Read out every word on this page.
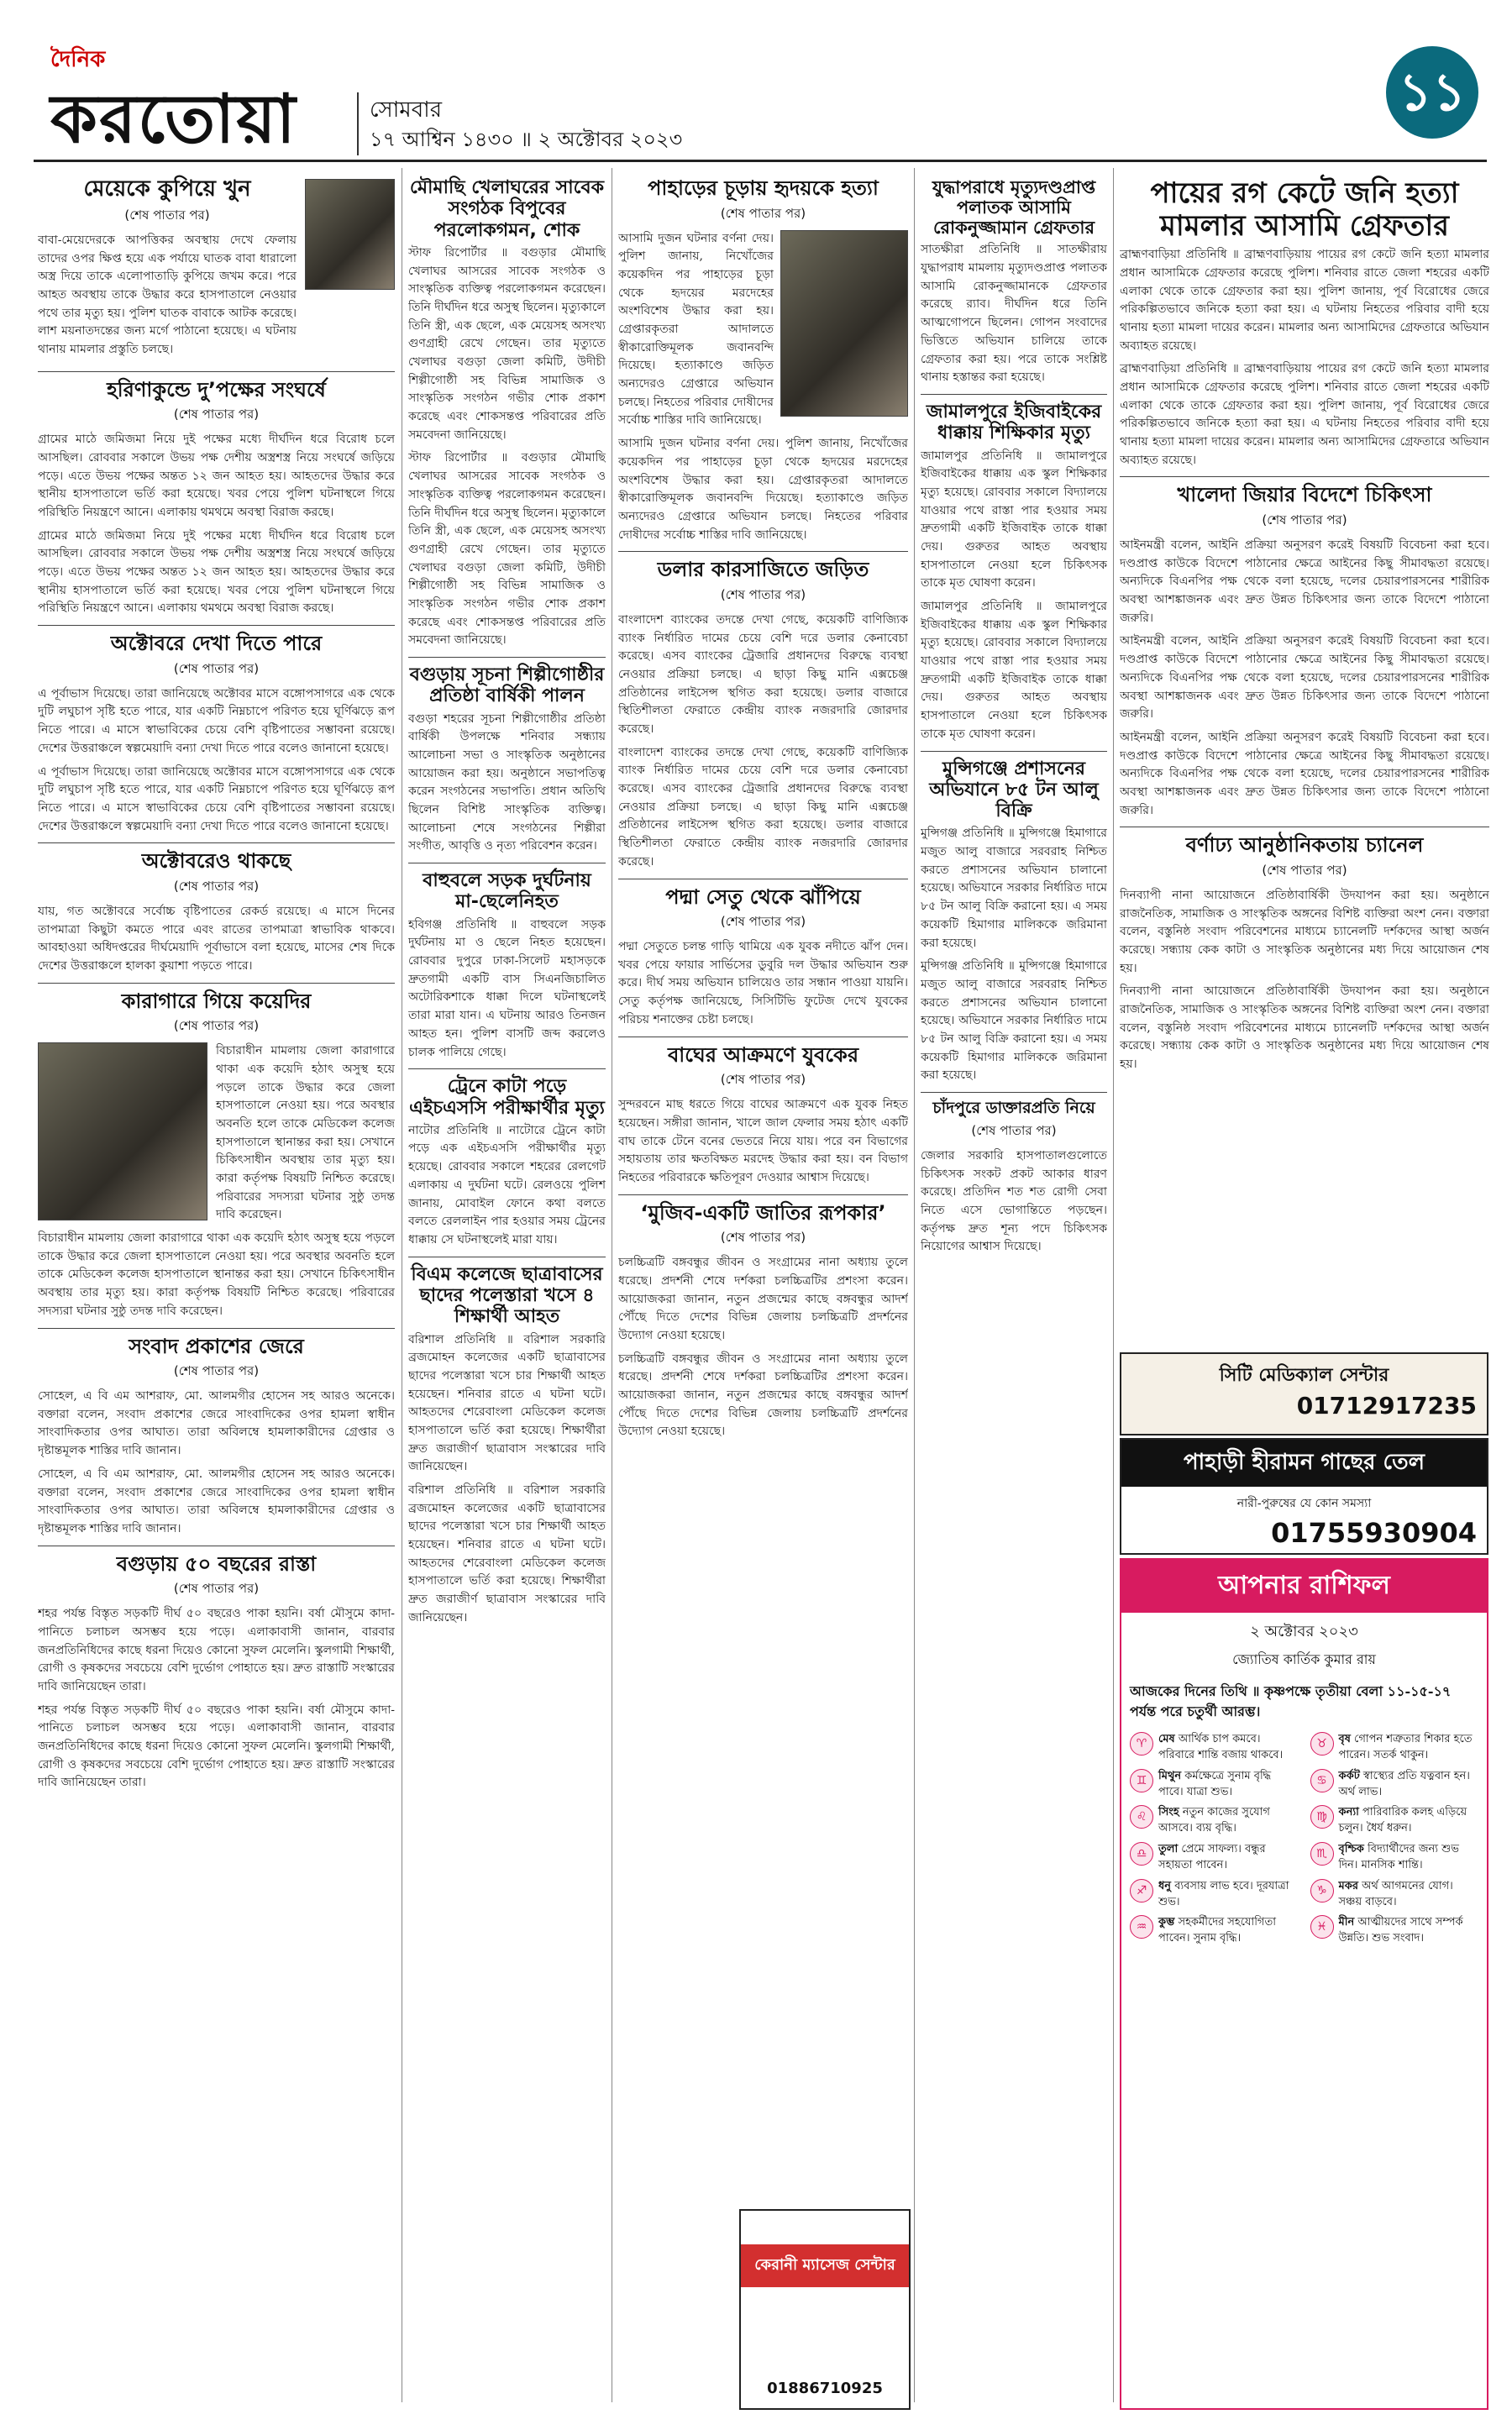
দৈনিক
করতোয়া	সোমবার
১৭ আশ্বিন ১৪৩০ ॥ ২ অক্টোবর ২০২৩
১১
মেয়েকে কুপিয়ে খুন
(শেষ পাতার পর)

বাবা-মেয়েদেরকে আপত্তিকর অবস্থায় দেখে ফেলায় তাদের ওপর ক্ষিপ্ত হয়ে এক পর্যায়ে ঘাতক বাবা ধারালো অস্ত্র দিয়ে তাকে এলোপাতাড়ি কুপিয়ে জখম করে। পরে আহত অবস্থায় তাকে উদ্ধার করে হাসপাতালে নেওয়ার পথে তার মৃত্যু হয়। পুলিশ ঘাতক বাবাকে আটক করেছে। লাশ ময়নাতদন্তের জন্য মর্গে পাঠানো হয়েছে। এ ঘটনায় থানায় মামলার প্রস্তুতি চলছে।

হরিণাকুন্ডে দু’পক্ষের সংঘর্ষে
(শেষ পাতার পর)

গ্রামের মাঠে জমিজমা নিয়ে দুই পক্ষের মধ্যে দীর্ঘদিন ধরে বিরোধ চলে আসছিল। রোববার সকালে উভয় পক্ষ দেশীয় অস্ত্রশস্ত্র নিয়ে সংঘর্ষে জড়িয়ে পড়ে। এতে উভয় পক্ষের অন্তত ১২ জন আহত হয়। আহতদের উদ্ধার করে স্থানীয় হাসপাতালে ভর্তি করা হয়েছে। খবর পেয়ে পুলিশ ঘটনাস্থলে গিয়ে পরিস্থিতি নিয়ন্ত্রণে আনে। এলাকায় থমথমে অবস্থা বিরাজ করছে।

গ্রামের মাঠে জমিজমা নিয়ে দুই পক্ষের মধ্যে দীর্ঘদিন ধরে বিরোধ চলে আসছিল। রোববার সকালে উভয় পক্ষ দেশীয় অস্ত্রশস্ত্র নিয়ে সংঘর্ষে জড়িয়ে পড়ে। এতে উভয় পক্ষের অন্তত ১২ জন আহত হয়। আহতদের উদ্ধার করে স্থানীয় হাসপাতালে ভর্তি করা হয়েছে। খবর পেয়ে পুলিশ ঘটনাস্থলে গিয়ে পরিস্থিতি নিয়ন্ত্রণে আনে। এলাকায় থমথমে অবস্থা বিরাজ করছে।

অক্টোবরে দেখা দিতে পারে
(শেষ পাতার পর)

এ পূর্বাভাস দিয়েছে। তারা জানিয়েছে অক্টোবর মাসে বঙ্গোপসাগরে এক থেকে দুটি লঘুচাপ সৃষ্টি হতে পারে, যার একটি নিম্নচাপে পরিণত হয়ে ঘূর্ণিঝড়ে রূপ নিতে পারে। এ মাসে স্বাভাবিকের চেয়ে বেশি বৃষ্টিপাতের সম্ভাবনা রয়েছে। দেশের উত্তরাঞ্চলে স্বল্পমেয়াদি বন্যা দেখা দিতে পারে বলেও জানানো হয়েছে।

এ পূর্বাভাস দিয়েছে। তারা জানিয়েছে অক্টোবর মাসে বঙ্গোপসাগরে এক থেকে দুটি লঘুচাপ সৃষ্টি হতে পারে, যার একটি নিম্নচাপে পরিণত হয়ে ঘূর্ণিঝড়ে রূপ নিতে পারে। এ মাসে স্বাভাবিকের চেয়ে বেশি বৃষ্টিপাতের সম্ভাবনা রয়েছে। দেশের উত্তরাঞ্চলে স্বল্পমেয়াদি বন্যা দেখা দিতে পারে বলেও জানানো হয়েছে।

অক্টোবরেও থাকছে
(শেষ পাতার পর)

যায়, গত অক্টোবরে সর্বোচ্চ বৃষ্টিপাতের রেকর্ড রয়েছে। এ মাসে দিনের তাপমাত্রা কিছুটা কমতে পারে এবং রাতের তাপমাত্রা স্বাভাবিক থাকবে। আবহাওয়া অধিদপ্তরের দীর্ঘমেয়াদি পূর্বাভাসে বলা হয়েছে, মাসের শেষ দিকে দেশের উত্তরাঞ্চলে হালকা কুয়াশা পড়তে পারে।

কারাগারে গিয়ে কয়েদির
(শেষ পাতার পর)

বিচারাধীন মামলায় জেলা কারাগারে থাকা এক কয়েদি হঠাৎ অসুস্থ হয়ে পড়লে তাকে উদ্ধার করে জেলা হাসপাতালে নেওয়া হয়। পরে অবস্থার অবনতি হলে তাকে মেডিকেল কলেজ হাসপাতালে স্থানান্তর করা হয়। সেখানে চিকিৎসাধীন অবস্থায় তার মৃত্যু হয়। কারা কর্তৃপক্ষ বিষয়টি নিশ্চিত করেছে। পরিবারের সদস্যরা ঘটনার সুষ্ঠু তদন্ত দাবি করেছেন।

বিচারাধীন মামলায় জেলা কারাগারে থাকা এক কয়েদি হঠাৎ অসুস্থ হয়ে পড়লে তাকে উদ্ধার করে জেলা হাসপাতালে নেওয়া হয়। পরে অবস্থার অবনতি হলে তাকে মেডিকেল কলেজ হাসপাতালে স্থানান্তর করা হয়। সেখানে চিকিৎসাধীন অবস্থায় তার মৃত্যু হয়। কারা কর্তৃপক্ষ বিষয়টি নিশ্চিত করেছে। পরিবারের সদস্যরা ঘটনার সুষ্ঠু তদন্ত দাবি করেছেন।

সংবাদ প্রকাশের জেরে
(শেষ পাতার পর)

সোহেল, এ বি এম আশরাফ, মো. আলমগীর হোসেন সহ আরও অনেকে। বক্তারা বলেন, সংবাদ প্রকাশের জেরে সাংবাদিকের ওপর হামলা স্বাধীন সাংবাদিকতার ওপর আঘাত। তারা অবিলম্বে হামলাকারীদের গ্রেপ্তার ও দৃষ্টান্তমূলক শাস্তির দাবি জানান।

সোহেল, এ বি এম আশরাফ, মো. আলমগীর হোসেন সহ আরও অনেকে। বক্তারা বলেন, সংবাদ প্রকাশের জেরে সাংবাদিকের ওপর হামলা স্বাধীন সাংবাদিকতার ওপর আঘাত। তারা অবিলম্বে হামলাকারীদের গ্রেপ্তার ও দৃষ্টান্তমূলক শাস্তির দাবি জানান।

বগুড়ায় ৫০ বছরের রাস্তা
(শেষ পাতার পর)

শহর পর্যন্ত বিস্তৃত সড়কটি দীর্ঘ ৫০ বছরেও পাকা হয়নি। বর্ষা মৌসুমে কাদা-পানিতে চলাচল অসম্ভব হয়ে পড়ে। এলাকাবাসী জানান, বারবার জনপ্রতিনিধিদের কাছে ধরনা দিয়েও কোনো সুফল মেলেনি। স্কুলগামী শিক্ষার্থী, রোগী ও কৃষকদের সবচেয়ে বেশি দুর্ভোগ পোহাতে হয়। দ্রুত রাস্তাটি সংস্কারের দাবি জানিয়েছেন তারা।

শহর পর্যন্ত বিস্তৃত সড়কটি দীর্ঘ ৫০ বছরেও পাকা হয়নি। বর্ষা মৌসুমে কাদা-পানিতে চলাচল অসম্ভব হয়ে পড়ে। এলাকাবাসী জানান, বারবার জনপ্রতিনিধিদের কাছে ধরনা দিয়েও কোনো সুফল মেলেনি। স্কুলগামী শিক্ষার্থী, রোগী ও কৃষকদের সবচেয়ে বেশি দুর্ভোগ পোহাতে হয়। দ্রুত রাস্তাটি সংস্কারের দাবি জানিয়েছেন তারা।

মৌমাছি খেলাঘরের সাবেক সংগঠক বিপুবের পরলোকগমন, শোক

স্টাফ রিপোর্টার ॥ বগুড়ার মৌমাছি খেলাঘর আসরের সাবেক সংগঠক ও সাংস্কৃতিক ব্যক্তিত্ব পরলোকগমন করেছেন। তিনি দীর্ঘদিন ধরে অসুস্থ ছিলেন। মৃত্যুকালে তিনি স্ত্রী, এক ছেলে, এক মেয়েসহ অসংখ্য গুণগ্রাহী রেখে গেছেন। তার মৃত্যুতে খেলাঘর বগুড়া জেলা কমিটি, উদীচী শিল্পীগোষ্ঠী সহ বিভিন্ন সামাজিক ও সাংস্কৃতিক সংগঠন গভীর শোক প্রকাশ করেছে এবং শোকসন্তপ্ত পরিবারের প্রতি সমবেদনা জানিয়েছে।

স্টাফ রিপোর্টার ॥ বগুড়ার মৌমাছি খেলাঘর আসরের সাবেক সংগঠক ও সাংস্কৃতিক ব্যক্তিত্ব পরলোকগমন করেছেন। তিনি দীর্ঘদিন ধরে অসুস্থ ছিলেন। মৃত্যুকালে তিনি স্ত্রী, এক ছেলে, এক মেয়েসহ অসংখ্য গুণগ্রাহী রেখে গেছেন। তার মৃত্যুতে খেলাঘর বগুড়া জেলা কমিটি, উদীচী শিল্পীগোষ্ঠী সহ বিভিন্ন সামাজিক ও সাংস্কৃতিক সংগঠন গভীর শোক প্রকাশ করেছে এবং শোকসন্তপ্ত পরিবারের প্রতি সমবেদনা জানিয়েছে।

বগুড়ায় সূচনা শিল্পীগোষ্ঠীর প্রতিষ্ঠা বার্ষিকী পালন

বগুড়া শহরের সূচনা শিল্পীগোষ্ঠীর প্রতিষ্ঠা বার্ষিকী উপলক্ষে শনিবার সন্ধ্যায় আলোচনা সভা ও সাংস্কৃতিক অনুষ্ঠানের আয়োজন করা হয়। অনুষ্ঠানে সভাপতিত্ব করেন সংগঠনের সভাপতি। প্রধান অতিথি ছিলেন বিশিষ্ট সাংস্কৃতিক ব্যক্তিত্ব। আলোচনা শেষে সংগঠনের শিল্পীরা সংগীত, আবৃত্তি ও নৃত্য পরিবেশন করেন।

বাহুবলে সড়ক দুর্ঘটনায় মা-ছেলেনিহত

হবিগঞ্জ প্রতিনিধি ॥ বাহুবলে সড়ক দুর্ঘটনায় মা ও ছেলে নিহত হয়েছেন। রোববার দুপুরে ঢাকা-সিলেট মহাসড়কে দ্রুতগামী একটি বাস সিএনজিচালিত অটোরিকশাকে ধাক্কা দিলে ঘটনাস্থলেই তারা মারা যান। এ ঘটনায় আরও তিনজন আহত হন। পুলিশ বাসটি জব্দ করলেও চালক পালিয়ে গেছে।

ট্রেনে কাটা পড়ে এইচএসসি পরীক্ষার্থীর মৃত্যু

নাটোর প্রতিনিধি ॥ নাটোরে ট্রেনে কাটা পড়ে এক এইচএসসি পরীক্ষার্থীর মৃত্যু হয়েছে। রোববার সকালে শহরের রেলগেট এলাকায় এ দুর্ঘটনা ঘটে। রেলওয়ে পুলিশ জানায়, মোবাইল ফোনে কথা বলতে বলতে রেললাইন পার হওয়ার সময় ট্রেনের ধাক্কায় সে ঘটনাস্থলেই মারা যায়।

বিএম কলেজে ছাত্রাবাসের ছাদের পলেস্তারা খসে ৪ শিক্ষার্থী আহত

বরিশাল প্রতিনিধি ॥ বরিশাল সরকারি ব্রজমোহন কলেজের একটি ছাত্রাবাসের ছাদের পলেস্তারা খসে চার শিক্ষার্থী আহত হয়েছেন। শনিবার রাতে এ ঘটনা ঘটে। আহতদের শেরেবাংলা মেডিকেল কলেজ হাসপাতালে ভর্তি করা হয়েছে। শিক্ষার্থীরা দ্রুত জরাজীর্ণ ছাত্রাবাস সংস্কারের দাবি জানিয়েছেন।

বরিশাল প্রতিনিধি ॥ বরিশাল সরকারি ব্রজমোহন কলেজের একটি ছাত্রাবাসের ছাদের পলেস্তারা খসে চার শিক্ষার্থী আহত হয়েছেন। শনিবার রাতে এ ঘটনা ঘটে। আহতদের শেরেবাংলা মেডিকেল কলেজ হাসপাতালে ভর্তি করা হয়েছে। শিক্ষার্থীরা দ্রুত জরাজীর্ণ ছাত্রাবাস সংস্কারের দাবি জানিয়েছেন।

পাহাড়ের চূড়ায় হৃদয়কে হত্যা
(শেষ পাতার পর)

আসামি দুজন ঘটনার বর্ণনা দেয়। পুলিশ জানায়, নিখোঁজের কয়েকদিন পর পাহাড়ের চূড়া থেকে হৃদয়ের মরদেহের অংশবিশেষ উদ্ধার করা হয়। গ্রেপ্তারকৃতরা আদালতে স্বীকারোক্তিমূলক জবানবন্দি দিয়েছে। হত্যাকাণ্ডে জড়িত অন্যদেরও গ্রেপ্তারে অভিযান চলছে। নিহতের পরিবার দোষীদের সর্বোচ্চ শাস্তির দাবি জানিয়েছে।

আসামি দুজন ঘটনার বর্ণনা দেয়। পুলিশ জানায়, নিখোঁজের কয়েকদিন পর পাহাড়ের চূড়া থেকে হৃদয়ের মরদেহের অংশবিশেষ উদ্ধার করা হয়। গ্রেপ্তারকৃতরা আদালতে স্বীকারোক্তিমূলক জবানবন্দি দিয়েছে। হত্যাকাণ্ডে জড়িত অন্যদেরও গ্রেপ্তারে অভিযান চলছে। নিহতের পরিবার দোষীদের সর্বোচ্চ শাস্তির দাবি জানিয়েছে।

ডলার কারসাজিতে জড়িত
(শেষ পাতার পর)

বাংলাদেশ ব্যাংকের তদন্তে দেখা গেছে, কয়েকটি বাণিজ্যিক ব্যাংক নির্ধারিত দামের চেয়ে বেশি দরে ডলার কেনাবেচা করেছে। এসব ব্যাংকের ট্রেজারি প্রধানদের বিরুদ্ধে ব্যবস্থা নেওয়ার প্রক্রিয়া চলছে। এ ছাড়া কিছু মানি এক্সচেঞ্জ প্রতিষ্ঠানের লাইসেন্স স্থগিত করা হয়েছে। ডলার বাজারে স্থিতিশীলতা ফেরাতে কেন্দ্রীয় ব্যাংক নজরদারি জোরদার করেছে।

বাংলাদেশ ব্যাংকের তদন্তে দেখা গেছে, কয়েকটি বাণিজ্যিক ব্যাংক নির্ধারিত দামের চেয়ে বেশি দরে ডলার কেনাবেচা করেছে। এসব ব্যাংকের ট্রেজারি প্রধানদের বিরুদ্ধে ব্যবস্থা নেওয়ার প্রক্রিয়া চলছে। এ ছাড়া কিছু মানি এক্সচেঞ্জ প্রতিষ্ঠানের লাইসেন্স স্থগিত করা হয়েছে। ডলার বাজারে স্থিতিশীলতা ফেরাতে কেন্দ্রীয় ব্যাংক নজরদারি জোরদার করেছে।

পদ্মা সেতু থেকে ঝাঁপিয়ে
(শেষ পাতার পর)

পদ্মা সেতুতে চলন্ত গাড়ি থামিয়ে এক যুবক নদীতে ঝাঁপ দেন। খবর পেয়ে ফায়ার সার্ভিসের ডুবুরি দল উদ্ধার অভিযান শুরু করে। দীর্ঘ সময় অভিযান চালিয়েও তার সন্ধান পাওয়া যায়নি। সেতু কর্তৃপক্ষ জানিয়েছে, সিসিটিভি ফুটেজ দেখে যুবকের পরিচয় শনাক্তের চেষ্টা চলছে।

বাঘের আক্রমণে যুবকের
(শেষ পাতার পর)

সুন্দরবনে মাছ ধরতে গিয়ে বাঘের আক্রমণে এক যুবক নিহত হয়েছেন। সঙ্গীরা জানান, খালে জাল ফেলার সময় হঠাৎ একটি বাঘ তাকে টেনে বনের ভেতরে নিয়ে যায়। পরে বন বিভাগের সহায়তায় তার ক্ষতবিক্ষত মরদেহ উদ্ধার করা হয়। বন বিভাগ নিহতের পরিবারকে ক্ষতিপূরণ দেওয়ার আশ্বাস দিয়েছে।

‘মুজিব-একটি জাতির রূপকার’
(শেষ পাতার পর)

চলচ্চিত্রটি বঙ্গবন্ধুর জীবন ও সংগ্রামের নানা অধ্যায় তুলে ধরেছে। প্রদর্শনী শেষে দর্শকরা চলচ্চিত্রটির প্রশংসা করেন। আয়োজকরা জানান, নতুন প্রজন্মের কাছে বঙ্গবন্ধুর আদর্শ পৌঁছে দিতে দেশের বিভিন্ন জেলায় চলচ্চিত্রটি প্রদর্শনের উদ্যোগ নেওয়া হয়েছে।

চলচ্চিত্রটি বঙ্গবন্ধুর জীবন ও সংগ্রামের নানা অধ্যায় তুলে ধরেছে। প্রদর্শনী শেষে দর্শকরা চলচ্চিত্রটির প্রশংসা করেন। আয়োজকরা জানান, নতুন প্রজন্মের কাছে বঙ্গবন্ধুর আদর্শ পৌঁছে দিতে দেশের বিভিন্ন জেলায় চলচ্চিত্রটি প্রদর্শনের উদ্যোগ নেওয়া হয়েছে।

যুদ্ধাপরাধে মৃত্যুদণ্ডপ্রাপ্ত পলাতক আসামি রোকনুজ্জামান গ্রেফতার

সাতক্ষীরা প্রতিনিধি ॥ সাতক্ষীরায় যুদ্ধাপরাধ মামলায় মৃত্যুদণ্ডপ্রাপ্ত পলাতক আসামি রোকনুজ্জামানকে গ্রেফতার করেছে র‌্যাব। দীর্ঘদিন ধরে তিনি আত্মগোপনে ছিলেন। গোপন সংবাদের ভিত্তিতে অভিযান চালিয়ে তাকে গ্রেফতার করা হয়। পরে তাকে সংশ্লিষ্ট থানায় হস্তান্তর করা হয়েছে।

জামালপুরে ইজিবাইকের ধাক্কায় শিক্ষিকার মৃত্যু

জামালপুর প্রতিনিধি ॥ জামালপুরে ইজিবাইকের ধাক্কায় এক স্কুল শিক্ষিকার মৃত্যু হয়েছে। রোববার সকালে বিদ্যালয়ে যাওয়ার পথে রাস্তা পার হওয়ার সময় দ্রুতগামী একটি ইজিবাইক তাকে ধাক্কা দেয়। গুরুতর আহত অবস্থায় হাসপাতালে নেওয়া হলে চিকিৎসক তাকে মৃত ঘোষণা করেন।

জামালপুর প্রতিনিধি ॥ জামালপুরে ইজিবাইকের ধাক্কায় এক স্কুল শিক্ষিকার মৃত্যু হয়েছে। রোববার সকালে বিদ্যালয়ে যাওয়ার পথে রাস্তা পার হওয়ার সময় দ্রুতগামী একটি ইজিবাইক তাকে ধাক্কা দেয়। গুরুতর আহত অবস্থায় হাসপাতালে নেওয়া হলে চিকিৎসক তাকে মৃত ঘোষণা করেন।

মুন্সিগঞ্জে প্রশাসনের অভিযানে ৮৫ টন আলু বিক্রি

মুন্সিগঞ্জ প্রতিনিধি ॥ মুন্সিগঞ্জে হিমাগারে মজুত আলু বাজারে সরবরাহ নিশ্চিত করতে প্রশাসনের অভিযান চালানো হয়েছে। অভিযানে সরকার নির্ধারিত দামে ৮৫ টন আলু বিক্রি করানো হয়। এ সময় কয়েকটি হিমাগার মালিককে জরিমানা করা হয়েছে।

মুন্সিগঞ্জ প্রতিনিধি ॥ মুন্সিগঞ্জে হিমাগারে মজুত আলু বাজারে সরবরাহ নিশ্চিত করতে প্রশাসনের অভিযান চালানো হয়েছে। অভিযানে সরকার নির্ধারিত দামে ৮৫ টন আলু বিক্রি করানো হয়। এ সময় কয়েকটি হিমাগার মালিককে জরিমানা করা হয়েছে।

চাঁদপুরে ডাক্তারপ্রতি নিয়ে
(শেষ পাতার পর)

জেলার সরকারি হাসপাতালগুলোতে চিকিৎসক সংকট প্রকট আকার ধারণ করেছে। প্রতিদিন শত শত রোগী সেবা নিতে এসে ভোগান্তিতে পড়ছেন। কর্তৃপক্ষ দ্রুত শূন্য পদে চিকিৎসক নিয়োগের আশ্বাস দিয়েছে।

পায়ের রগ কেটে জনি হত্যা মামলার আসামি গ্রেফতার

ব্রাহ্মণবাড়িয়া প্রতিনিধি ॥ ব্রাহ্মণবাড়িয়ায় পায়ের রগ কেটে জনি হত্যা মামলার প্রধান আসামিকে গ্রেফতার করেছে পুলিশ। শনিবার রাতে জেলা শহরের একটি এলাকা থেকে তাকে গ্রেফতার করা হয়। পুলিশ জানায়, পূর্ব বিরোধের জেরে পরিকল্পিতভাবে জনিকে হত্যা করা হয়। এ ঘটনায় নিহতের পরিবার বাদী হয়ে থানায় হত্যা মামলা দায়ের করেন। মামলার অন্য আসামিদের গ্রেফতারে অভিযান অব্যাহত রয়েছে।

ব্রাহ্মণবাড়িয়া প্রতিনিধি ॥ ব্রাহ্মণবাড়িয়ায় পায়ের রগ কেটে জনি হত্যা মামলার প্রধান আসামিকে গ্রেফতার করেছে পুলিশ। শনিবার রাতে জেলা শহরের একটি এলাকা থেকে তাকে গ্রেফতার করা হয়। পুলিশ জানায়, পূর্ব বিরোধের জেরে পরিকল্পিতভাবে জনিকে হত্যা করা হয়। এ ঘটনায় নিহতের পরিবার বাদী হয়ে থানায় হত্যা মামলা দায়ের করেন। মামলার অন্য আসামিদের গ্রেফতারে অভিযান অব্যাহত রয়েছে।

খালেদা জিয়ার বিদেশে চিকিৎসা
(শেষ পাতার পর)

আইনমন্ত্রী বলেন, আইনি প্রক্রিয়া অনুসরণ করেই বিষয়টি বিবেচনা করা হবে। দণ্ডপ্রাপ্ত কাউকে বিদেশে পাঠানোর ক্ষেত্রে আইনের কিছু সীমাবদ্ধতা রয়েছে। অন্যদিকে বিএনপির পক্ষ থেকে বলা হয়েছে, দলের চেয়ারপারসনের শারীরিক অবস্থা আশঙ্কাজনক এবং দ্রুত উন্নত চিকিৎসার জন্য তাকে বিদেশে পাঠানো জরুরি।

আইনমন্ত্রী বলেন, আইনি প্রক্রিয়া অনুসরণ করেই বিষয়টি বিবেচনা করা হবে। দণ্ডপ্রাপ্ত কাউকে বিদেশে পাঠানোর ক্ষেত্রে আইনের কিছু সীমাবদ্ধতা রয়েছে। অন্যদিকে বিএনপির পক্ষ থেকে বলা হয়েছে, দলের চেয়ারপারসনের শারীরিক অবস্থা আশঙ্কাজনক এবং দ্রুত উন্নত চিকিৎসার জন্য তাকে বিদেশে পাঠানো জরুরি।

আইনমন্ত্রী বলেন, আইনি প্রক্রিয়া অনুসরণ করেই বিষয়টি বিবেচনা করা হবে। দণ্ডপ্রাপ্ত কাউকে বিদেশে পাঠানোর ক্ষেত্রে আইনের কিছু সীমাবদ্ধতা রয়েছে। অন্যদিকে বিএনপির পক্ষ থেকে বলা হয়েছে, দলের চেয়ারপারসনের শারীরিক অবস্থা আশঙ্কাজনক এবং দ্রুত উন্নত চিকিৎসার জন্য তাকে বিদেশে পাঠানো জরুরি।

বর্ণাঢ্য আনুষ্ঠানিকতায় চ্যানেল
(শেষ পাতার পর)

দিনব্যাপী নানা আয়োজনে প্রতিষ্ঠাবার্ষিকী উদযাপন করা হয়। অনুষ্ঠানে রাজনৈতিক, সামাজিক ও সাংস্কৃতিক অঙ্গনের বিশিষ্ট ব্যক্তিরা অংশ নেন। বক্তারা বলেন, বস্তুনিষ্ঠ সংবাদ পরিবেশনের মাধ্যমে চ্যানেলটি দর্শকদের আস্থা অর্জন করেছে। সন্ধ্যায় কেক কাটা ও সাংস্কৃতিক অনুষ্ঠানের মধ্য দিয়ে আয়োজন শেষ হয়।

দিনব্যাপী নানা আয়োজনে প্রতিষ্ঠাবার্ষিকী উদযাপন করা হয়। অনুষ্ঠানে রাজনৈতিক, সামাজিক ও সাংস্কৃতিক অঙ্গনের বিশিষ্ট ব্যক্তিরা অংশ নেন। বক্তারা বলেন, বস্তুনিষ্ঠ সংবাদ পরিবেশনের মাধ্যমে চ্যানেলটি দর্শকদের আস্থা অর্জন করেছে। সন্ধ্যায় কেক কাটা ও সাংস্কৃতিক অনুষ্ঠানের মধ্য দিয়ে আয়োজন শেষ হয়।

সিটি মেডিক্যাল সেন্টার
01712917235
পাহাড়ী হীরামন গাছের তেল
নারী-পুরুষের যে কোন সমস্যা
01755930904
কেরানী ম্যাসেজ সেন্টার
01886710925
আপনার রাশিফল
২ অক্টোবর ২০২৩
জ্যোতিষ কার্তিক কুমার রায়
আজকের দিনের তিথি ॥ কৃষ্ণপক্ষে তৃতীয়া বেলা ১১-১৫-১৭ পর্যন্ত পরে চতুর্থী আরম্ভ।
♈	মেষ আর্থিক চাপ কমবে। পরিবারে শান্তি বজায় থাকবে।
♉	বৃষ গোপন শত্রুতার শিকার হতে পারেন। সতর্ক থাকুন।
♊	মিথুন কর্মক্ষেত্রে সুনাম বৃদ্ধি পাবে। যাত্রা শুভ।
♋	কর্কট স্বাস্থ্যের প্রতি যত্নবান হন। অর্থ লাভ।
♌	সিংহ নতুন কাজের সুযোগ আসবে। ব্যয় বৃদ্ধি।
♍	কন্যা পারিবারিক কলহ এড়িয়ে চলুন। ধৈর্য ধরুন।
♎	তুলা প্রেমে সাফল্য। বন্ধুর সহায়তা পাবেন।
♏	বৃশ্চিক বিদ্যার্থীদের জন্য শুভ দিন। মানসিক শান্তি।
♐	ধনু ব্যবসায় লাভ হবে। দূরযাত্রা শুভ।
♑	মকর অর্থ আগমনের যোগ। সঞ্চয় বাড়বে।
♒	কুম্ভ সহকর্মীদের সহযোগিতা পাবেন। সুনাম বৃদ্ধি।
♓	মীন আত্মীয়দের সাথে সম্পর্ক উন্নতি। শুভ সংবাদ।
